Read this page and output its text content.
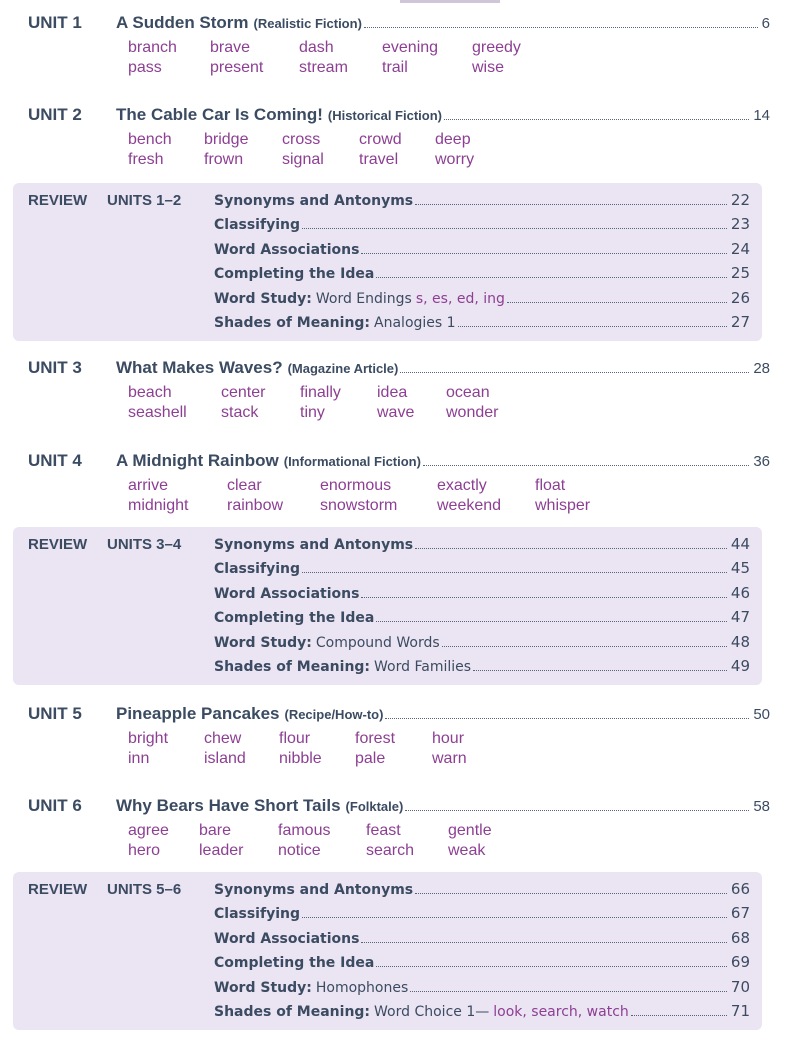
UNIT 1 A Sudden Storm (Realistic Fiction)	6
branch brave	dash	evening greedy
pass	present stream trail	wise
UNIT 2 The Cable Car Is Coming! (Historical Fiction)	14
bench bridge cross crowd deep
fresh	frown signal travel worry
UNIT 3 What Makes Waves? (Magazine Article)	28
beach	center finally idea ocean
seashell stack	tiny	wave wonder
UNIT 4 A Midnight Rainbow (Informational Fiction)	36
arrive	clear	enormous	exactly	float
midnight rainbow snowstorm weekend whisper
UNIT 5 Pineapple Pancakes (Recipe/How-to)	50
bright chew flour	forest hour
inn	island nibble pale	warn
UNIT 6 Why Bears Have Short Tails (Folktale)	58
agree bare	famous feast	gentle
hero leader notice	search weak
REVIEW UNITS 1–2 Synonyms and Antonyms	22
Classifying	23
Word Associations	24
Completing the Idea	25
Word Study: Word Endings s, es, ed, ing	26
Shades of Meaning: Analogies 1	27
REVIEW UNITS 3–4 Synonyms and Antonyms	44
Classifying	45
Word Associations	46
Completing the Idea	47
Word Study: Compound Words	48
Shades of Meaning: Word Families	49
REVIEW UNITS 5–6 Synonyms and Antonyms	66
Classifying	67
Word Associations	68
Completing the Idea	69
Word Study: Homophones	70
Shades of Meaning: Word Choice 1— look, search, watch	71
